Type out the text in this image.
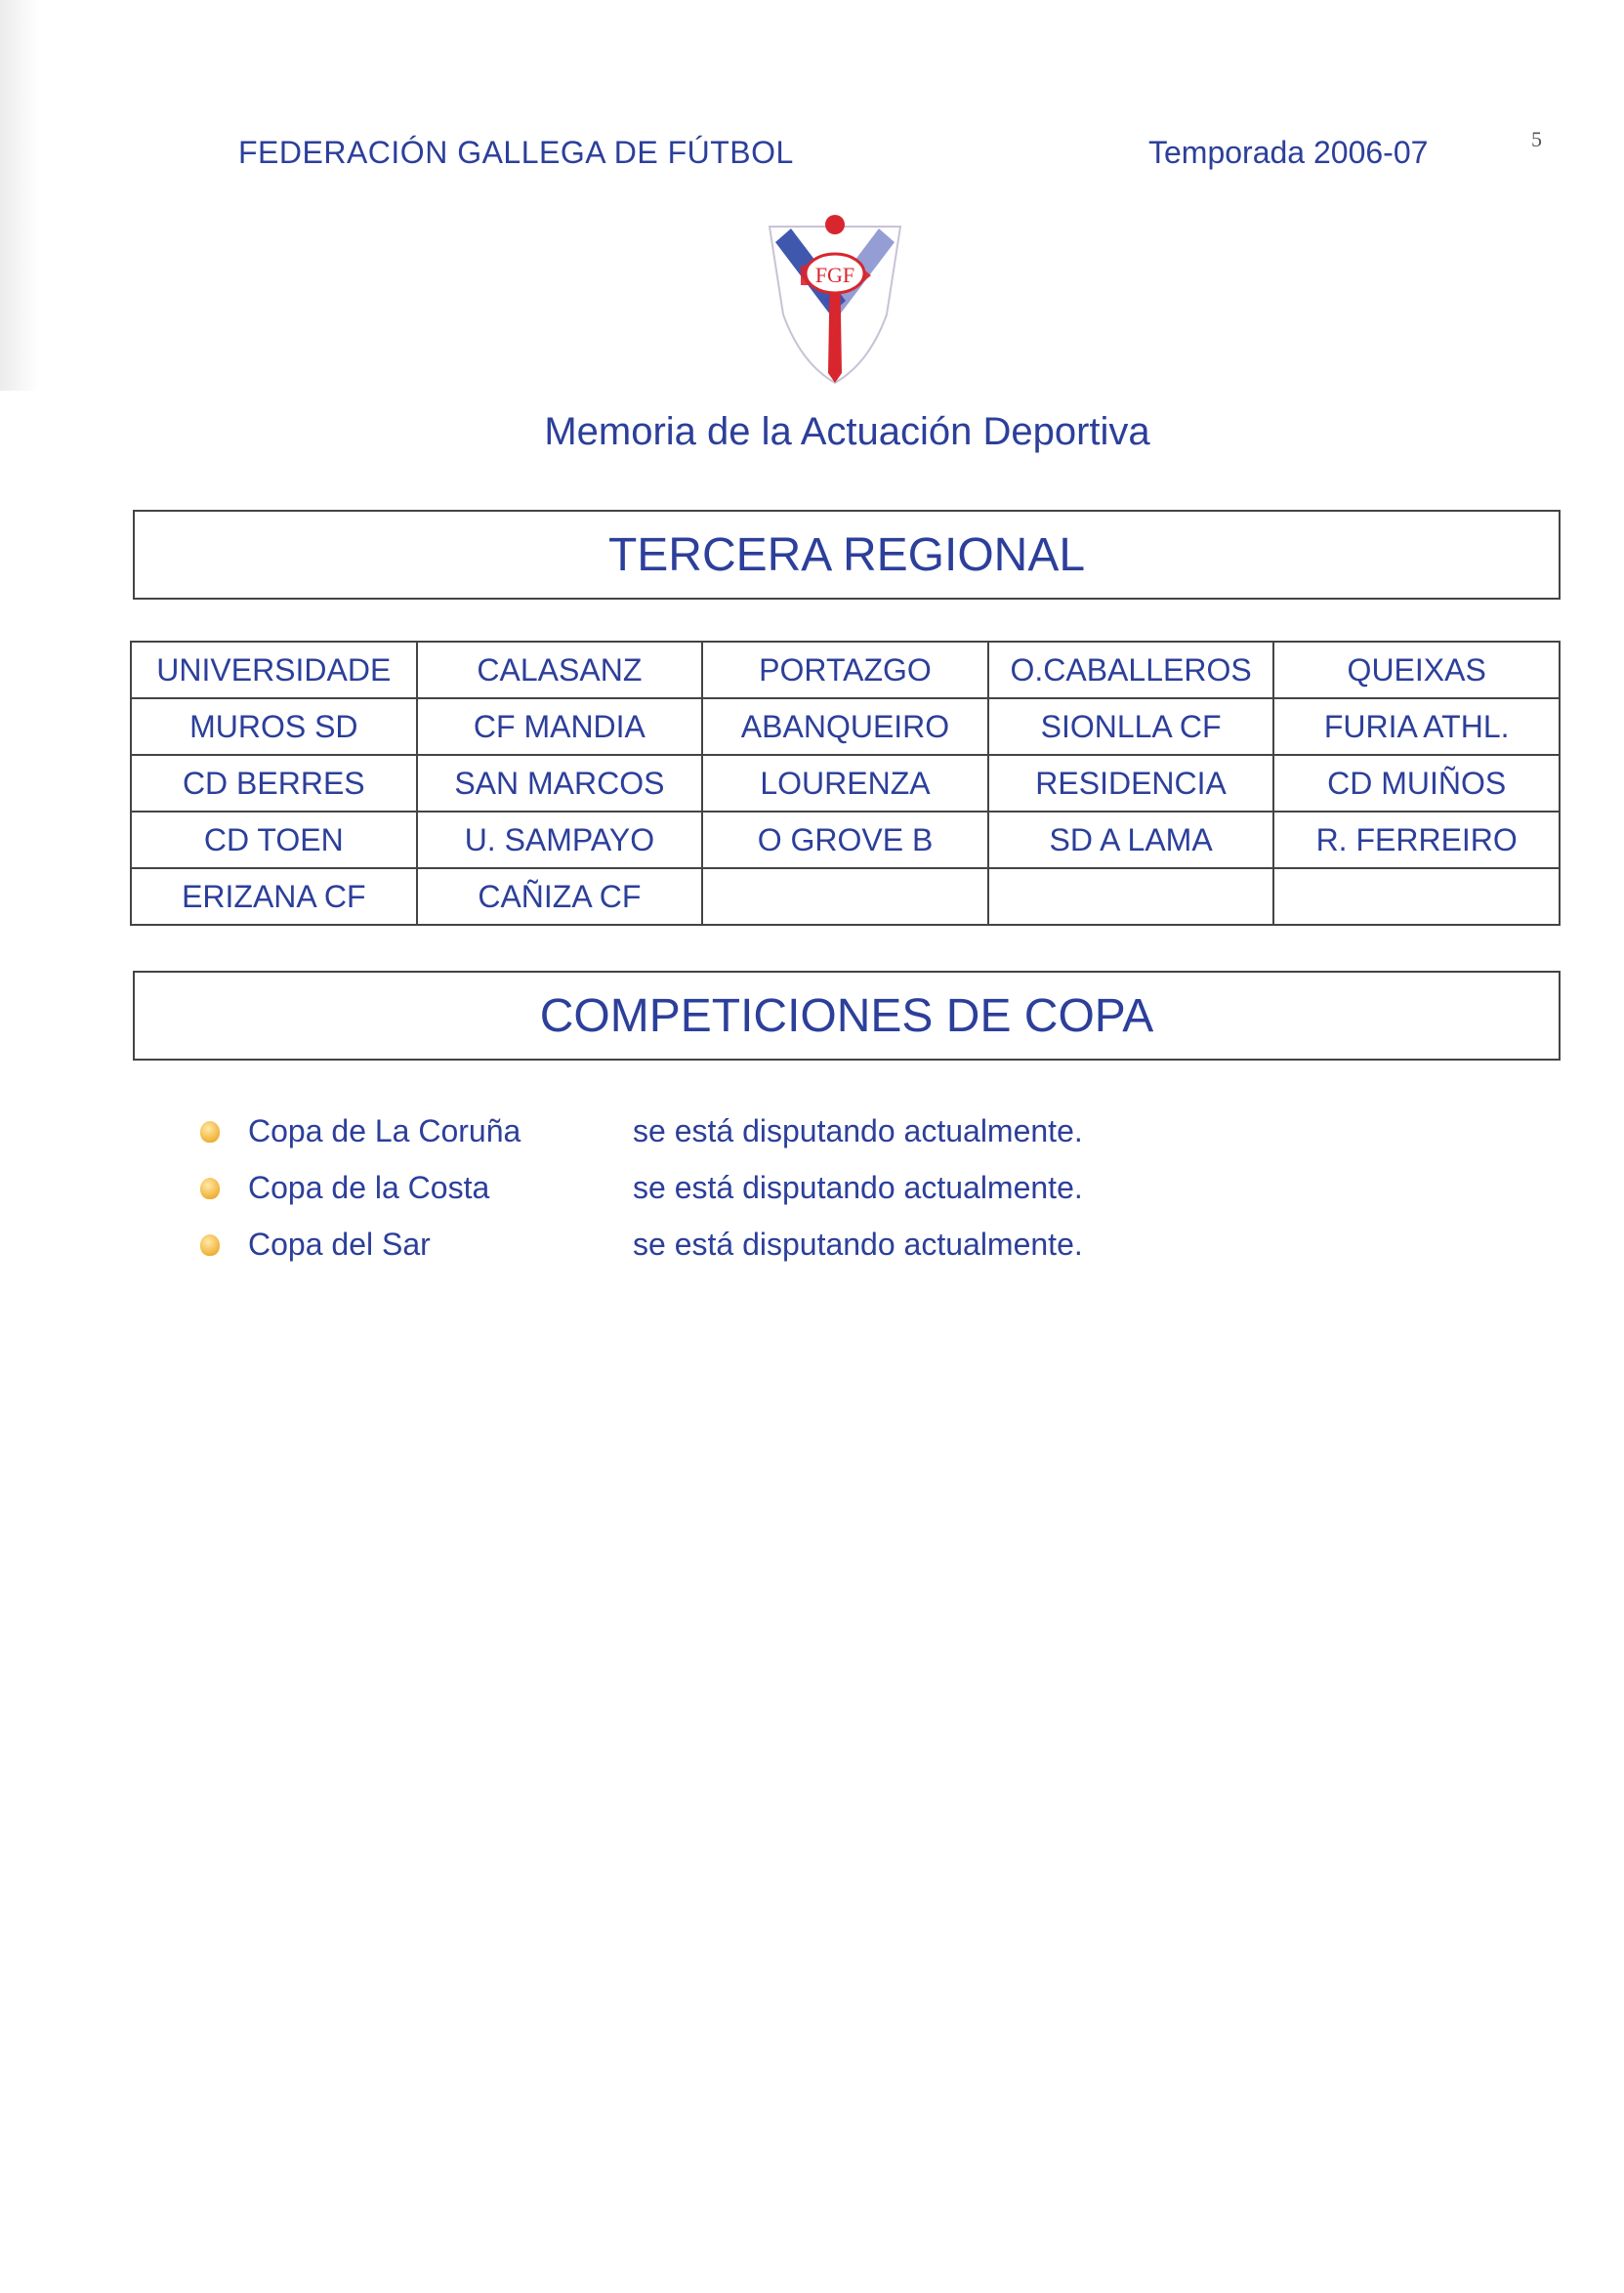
FEDERACIÓN GALLEGA DE FÚTBOL	Temporada 2006-07	5
FGF
Memoria de la Actuación Deportiva
TERCERA REGIONAL
UNIVERSIDADE	CALASANZ	PORTAZGO	O.CABALLEROS	QUEIXAS
MUROS SD	CF MANDIA	ABANQUEIRO	SIONLLA CF	FURIA ATHL.
CD BERRES	SAN MARCOS	LOURENZA	RESIDENCIA	CD MUIÑOS
CD TOEN	U. SAMPAYO	O GROVE B	SD A LAMA	R. FERREIRO
ERIZANA CF	CAÑIZA CF			
COMPETICIONES DE COPA
Copa de La Coruña	se está disputando actualmente.
Copa de la Costa	se está disputando actualmente.
Copa del Sar	se está disputando actualmente.
